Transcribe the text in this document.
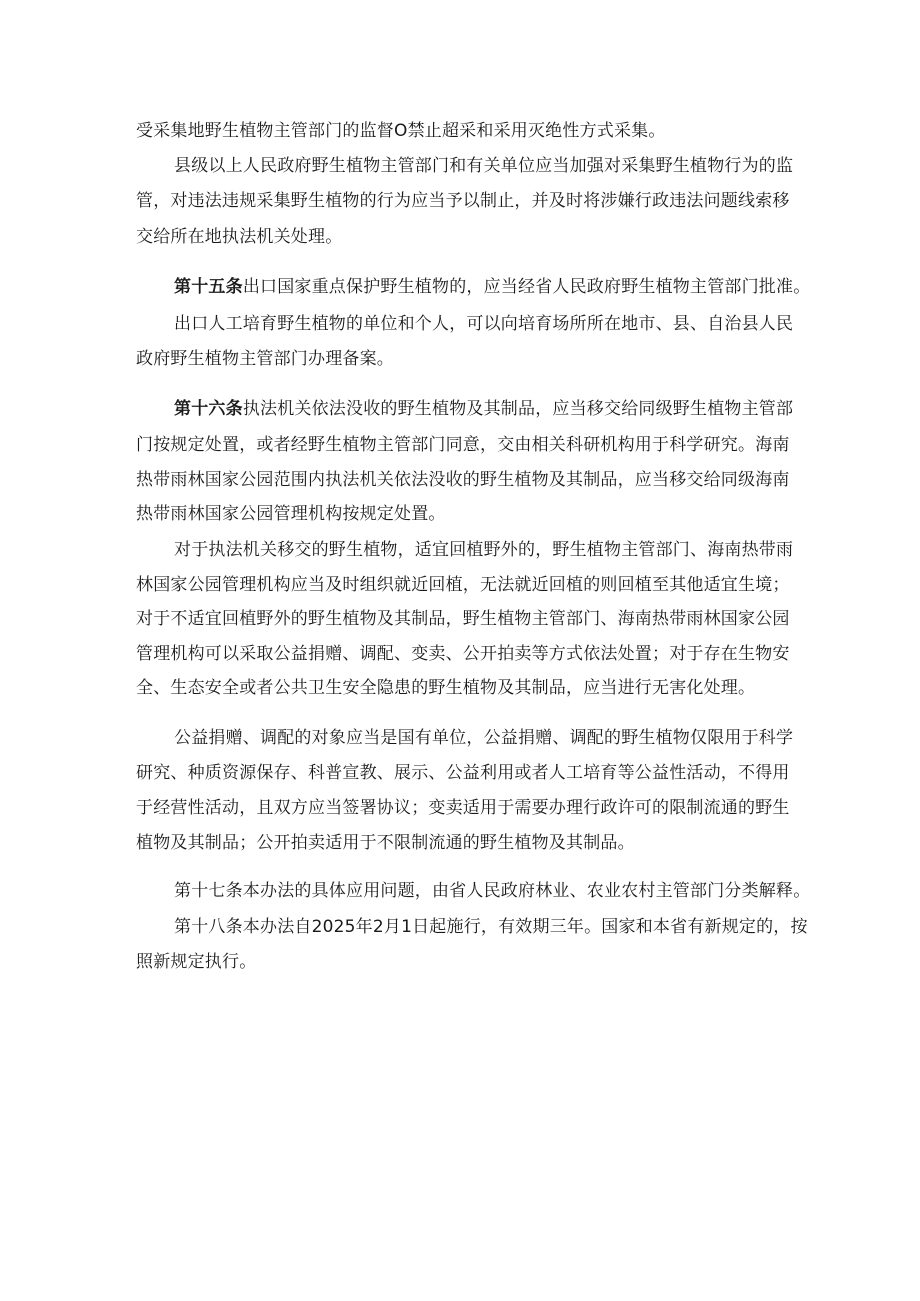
受采集地野生植物主管部门的监督O禁止超采和采用灭绝性方式采集。

县级以上人民政府野生植物主管部门和有关单位应当加强对采集野生植物行为的监

管，对违法违规采集野生植物的行为应当予以制止，并及时将涉嫌行政违法问题线索移

交给所在地执法机关处理。

第十五条出口国家重点保护野生植物的，应当经省人民政府野生植物主管部门批准。

出口人工培育野生植物的单位和个人，可以向培育场所所在地市、县、自治县人民

政府野生植物主管部门办理备案。

第十六条执法机关依法没收的野生植物及其制品，应当移交给同级野生植物主管部

门按规定处置，或者经野生植物主管部门同意，交由相关科研机构用于科学研究。海南

热带雨林国家公园范围内执法机关依法没收的野生植物及其制品，应当移交给同级海南

热带雨林国家公园管理机构按规定处置。

对于执法机关移交的野生植物，适宜回植野外的，野生植物主管部门、海南热带雨

林国家公园管理机构应当及时组织就近回植，无法就近回植的则回植至其他适宜生境；

对于不适宜回植野外的野生植物及其制品，野生植物主管部门、海南热带雨林国家公园

管理机构可以采取公益捐赠、调配、变卖、公开拍卖等方式依法处置；对于存在生物安

全、生态安全或者公共卫生安全隐患的野生植物及其制品，应当进行无害化处理。

公益捐赠、调配的对象应当是国有单位，公益捐赠、调配的野生植物仅限用于科学

研究、种质资源保存、科普宣教、展示、公益利用或者人工培育等公益性活动，不得用

于经营性活动，且双方应当签署协议；变卖适用于需要办理行政许可的限制流通的野生

植物及其制品；公开拍卖适用于不限制流通的野生植物及其制品。

第十七条本办法的具体应用问题，由省人民政府林业、农业农村主管部门分类解释。

第十八条本办法自2025年2月1日起施行，有效期三年。国家和本省有新规定的，按

照新规定执行。
